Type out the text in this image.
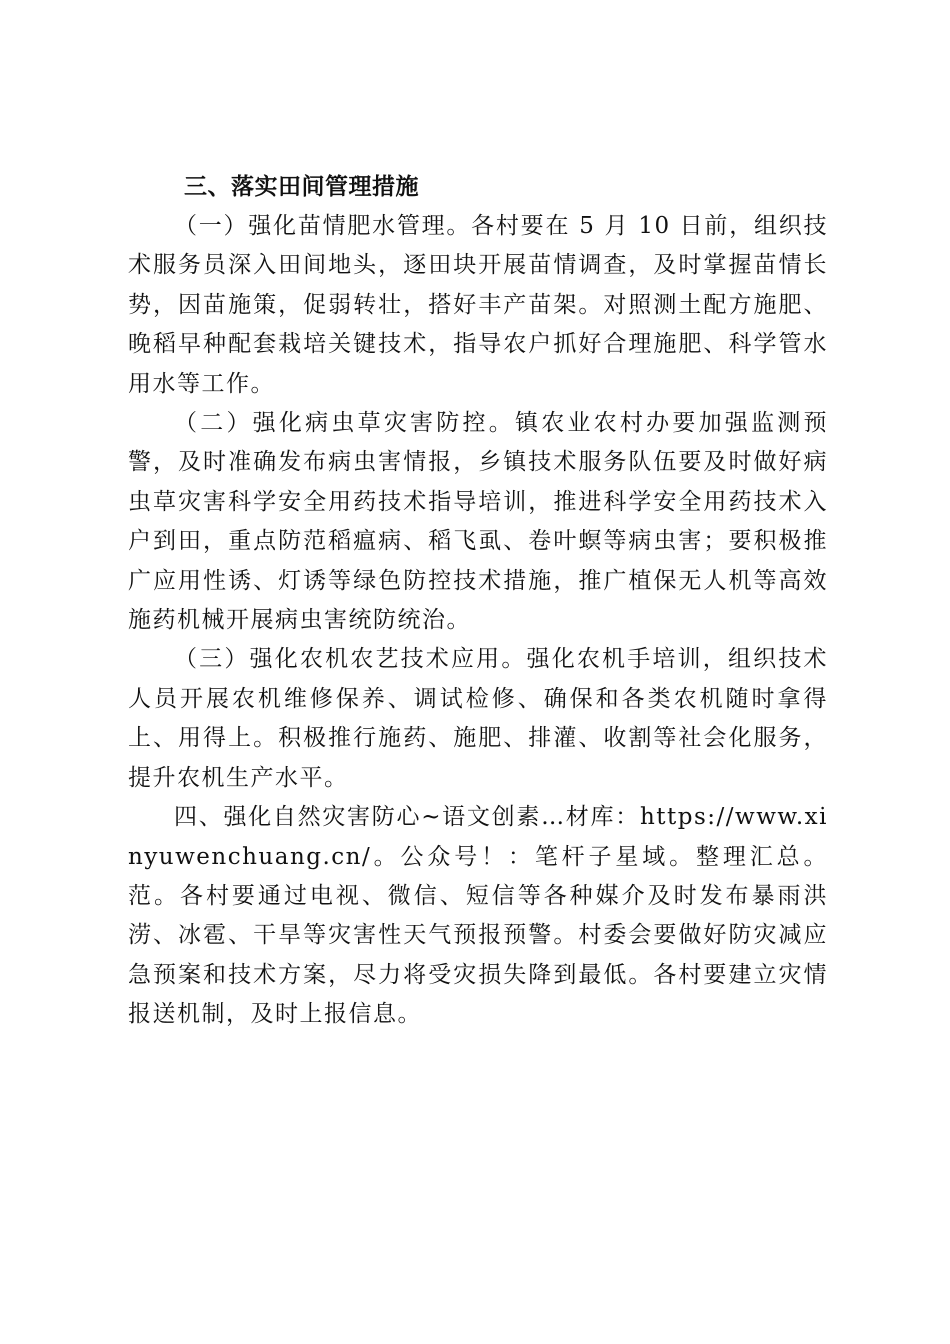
三、落实田间管理措施

（一）强化苗情肥水管理。各村要在 5 月 10 日前，组织技术服务员深入田间地头，逐田块开展苗情调查，及时掌握苗情长势，因苗施策，促弱转壮，搭好丰产苗架。对照测土配方施肥、晚稻早种配套栽培关键技术，指导农户抓好合理施肥、科学管水用水等工作。

（二）强化病虫草灾害防控。镇农业农村办要加强监测预警，及时准确发布病虫害情报，乡镇技术服务队伍要及时做好病虫草灾害科学安全用药技术指导培训，推进科学安全用药技术入户到田，重点防范稻瘟病、稻飞虱、卷叶螟等病虫害；要积极推广应用性诱、灯诱等绿色防控技术措施，推广植保无人机等高效施药机械开展病虫害统防统治。

（三）强化农机农艺技术应用。强化农机手培训，组织技术人员开展农机维修保养、调试检修、确保和各类农机随时拿得上、用得上。积极推行施药、施肥、排灌、收割等社会化服务，提升农机生产水平。

四、强化自然灾害防心~语文创素…材库：https://www.xinyuwenchuang.cn/。公众号！：笔杆子星域。整理汇总。范。各村要通过电视、微信、短信等各种媒介及时发布暴雨洪涝、冰雹、干旱等灾害性天气预报预警。村委会要做好防灾减应急预案和技术方案，尽力将受灾损失降到最低。各村要建立灾情报送机制，及时上报信息。
